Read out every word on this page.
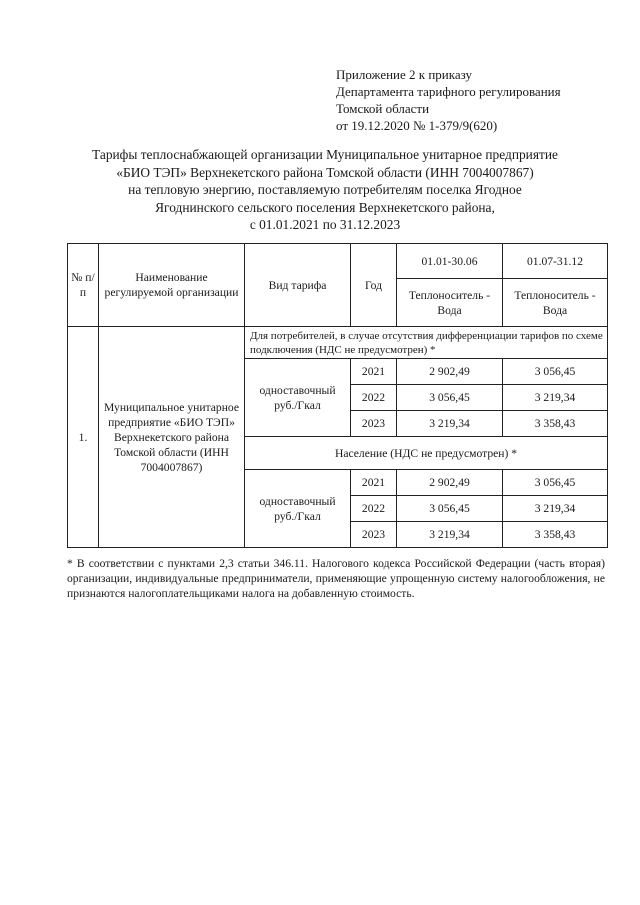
Приложение 2 к приказу
Департамента тарифного регулирования
Томской области
от 19.12.2020 № 1-379/9(620)
Тарифы теплоснабжающей организации Муниципальное унитарное предприятие
«БИО ТЭП» Верхнекетского района Томской области (ИНН 7004007867)
на тепловую энергию, поставляемую потребителям поселка Ягодное
Ягоднинского сельского поселения Верхнекетского района,
с 01.01.2021 по 31.12.2023
№ п/п	Наименование регулируемой организации	Вид тарифа	Год	01.01-30.06	01.07-31.12
				Теплоноситель - Вода	Теплоноситель - Вода
1.	Муниципальное унитарное предприятие «БИО ТЭП» Верхнекетского района Томской области (ИНН 7004007867)	Для потребителей, в случае отсутствия дифференциации тарифов по схеме подключения (НДС не предусмотрен) *			
		одноставочный руб./Гкал	2021	2 902,49	3 056,45
			2022	3 056,45	3 219,34
			2023	3 219,34	3 358,43
		Население (НДС не предусмотрен) *			
		одноставочный руб./Гкал	2021	2 902,49	3 056,45
			2022	3 056,45	3 219,34
			2023	3 219,34	3 358,43
* В соответствии с пунктами 2,3 статьи 346.11. Налогового кодекса Российской Федерации (часть вторая) организации, индивидуальные предприниматели, применяющие упрощенную систему налогообложения, не признаются налогоплательщиками налога на добавленную стоимость.
